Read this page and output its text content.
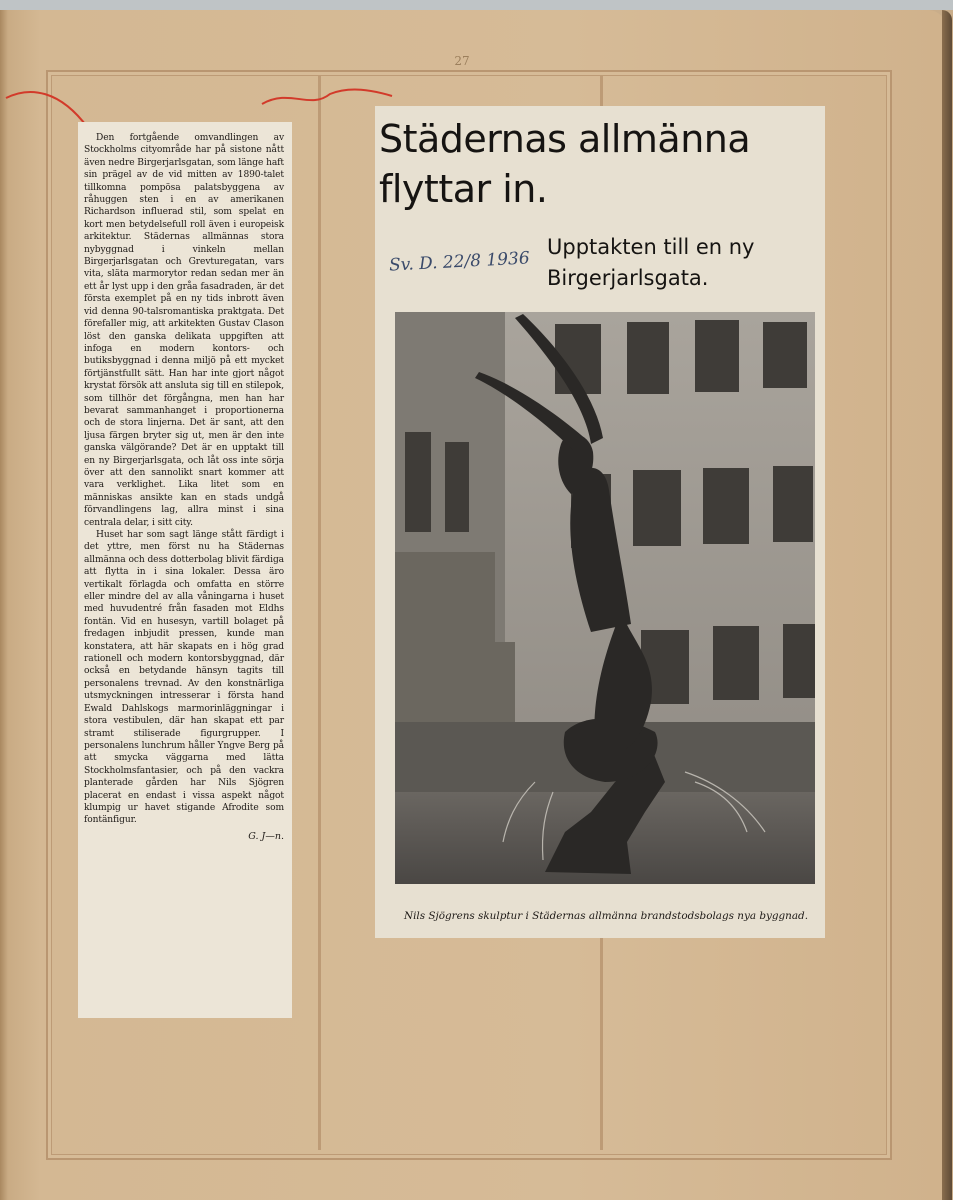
27

Den fortgående omvandlingen av Stockholms cityområde har på sistone nått även nedre Birgerjarlsgatan, som länge haft sin prägel av de vid mitten av 1890-talet tillkomna pompösa palatsbyggena av råhuggen sten i en av amerikanen Richardson influerad stil, som spelat en kort men betydelsefull roll även i europeisk arkitektur. Städernas allmännas stora nybyggnad i vinkeln mellan Birgerjarlsgatan och Grevturegatan, vars vita, släta marmorytor redan sedan mer än ett år lyst upp i den gråa fasadraden, är det första exemplet på en ny tids inbrott även vid denna 90-talsromantiska praktgata. Det förefaller mig, att arkitekten Gustav Clason löst den ganska delikata uppgiften att infoga en modern kontors- och butiksbyggnad i denna miljö på ett mycket förtjänstfullt sätt. Han har inte gjort något krystat försök att ansluta sig till en stilepok, som tillhör det förgångna, men han har bevarat sammanhanget i proportionerna och de stora linjerna. Det är sant, att den ljusa färgen bryter sig ut, men är den inte ganska välgörande? Det är en upptakt till en ny Birgerjarlsgata, och låt oss inte sörja över att den sannolikt snart kommer att vara verklighet. Lika litet som en människas ansikte kan en stads undgå förvandlingens lag, allra minst i sina centrala delar, i sitt city.

Huset har som sagt länge stått färdigt i det yttre, men först nu ha Städernas allmänna och dess dotterbolag blivit färdiga att flytta in i sina lokaler. Dessa äro vertikalt förlagda och omfatta en större eller mindre del av alla våningarna i huset med huvudentré från fasaden mot Eldhs fontän. Vid en husesyn, vartill bolaget på fredagen inbjudit pressen, kunde man konstatera, att här skapats en i hög grad rationell och modern kontorsbyggnad, där också en betydande hänsyn tagits till personalens trevnad. Av den konstnärliga utsmyckningen intresserar i första hand Ewald Dahlskogs marmorinläggningar i stora vestibulen, där han skapat ett par stramt stiliserade figurgrupper. I personalens lunchrum håller Yngve Berg på att smycka väggarna med lätta Stockholmsfantasier, och på den vackra planterade gården har Nils Sjögren placerat en endast i vissa aspekt något klumpig ur havet stigande Afrodite som fontänfigur.

G. J—n.
Städernas allmänna
flyttar in.
Sv. D. 22/8 1936
Upptakten till en ny
Birgerjarlsgata.
Nils Sjögrens skulptur i Städernas allmänna brandstodsbolags nya byggnad.
